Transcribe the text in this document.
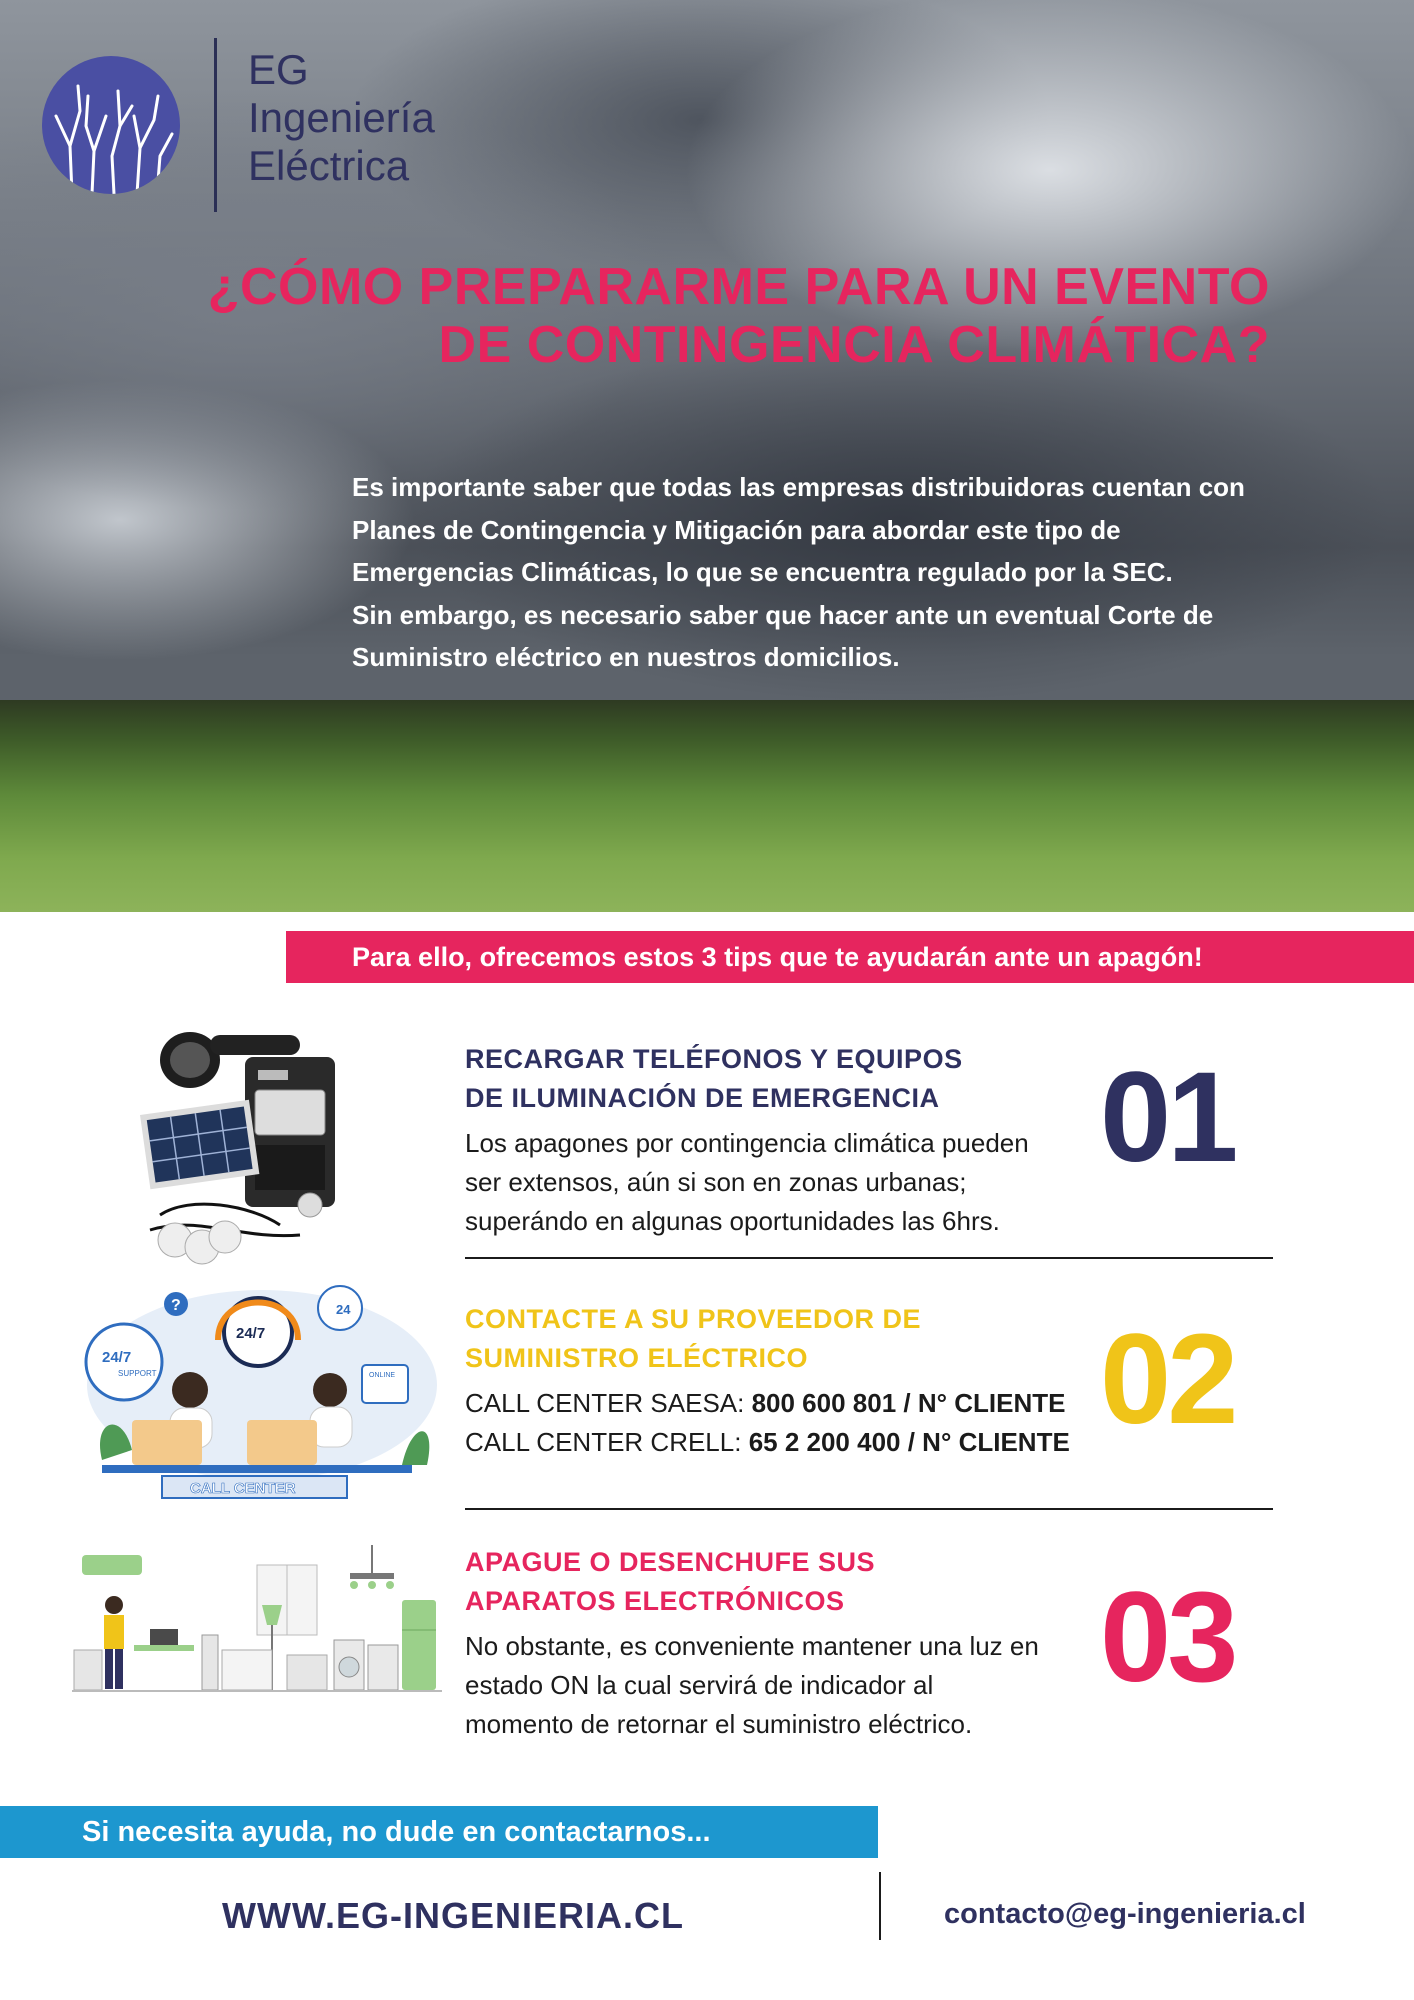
EG
Ingeniería
Eléctrica
¿CÓMO PREPARARME PARA UN EVENTO
DE CONTINGENCIA CLIMÁTICA?
Es importante saber que todas las empresas distribuidoras cuentan con
Planes de Contingencia y Mitigación para abordar este tipo de
Emergencias Climáticas, lo que se encuentra regulado por la SEC.
Sin embargo, es necesario saber que hacer ante un eventual Corte de
Suministro eléctrico en nuestros domicilios.
Para ello, ofrecemos estos 3 tips que te ayudarán ante un apagón!
RECARGAR TELÉFONOS Y EQUIPOS
DE ILUMINACIÓN DE EMERGENCIA
Los apagones por contingencia climática pueden
ser extensos, aún si son en zonas urbanas;
superándo en algunas oportunidades las 6hrs.
01
24/7
SUPPORT
24/7
?	24
ONLINE
CALL CENTER
CONTACTE A SU PROVEEDOR DE
SUMINISTRO ELÉCTRICO
CALL CENTER SAESA: 800 600 801 / N° CLIENTE
CALL CENTER CRELL: 65 2 200 400 / N° CLIENTE 02
APAGUE O DESENCHUFE SUS
APARATOS ELECTRÓNICOS
No obstante, es conveniente mantener una luz en
estado ON la cual servirá de indicador al
momento de retornar el suministro eléctrico.
03
Si necesita ayuda, no dude en contactarnos...
WWW.EG-INGENIERIA.CL	contacto@eg-ingenieria.cl
